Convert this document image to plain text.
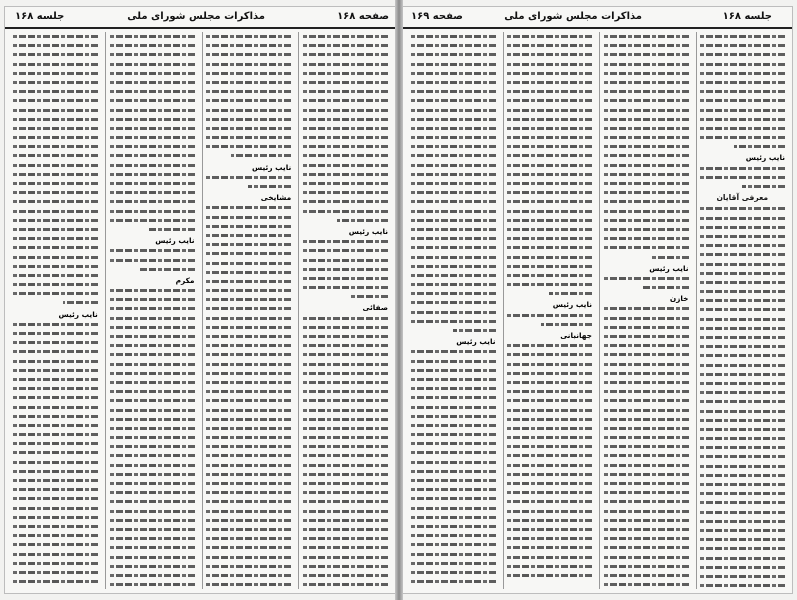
صفحه ۱۶۸
مذاکرات مجلس شورای ملی
جلسه ۱۶۸
نایب رئیس
صفائی
نایب رئیس
مشایخی
نایب رئیس
مکرم
نایب رئیس
جلسه ۱۶۸
مذاکرات مجلس شورای ملی
صفحه ۱۶۹
نایب رئیس
معرفی آقایان
نایب رئیس
خازن
نایب رئیس
جهانبانی
نایب رئیس
